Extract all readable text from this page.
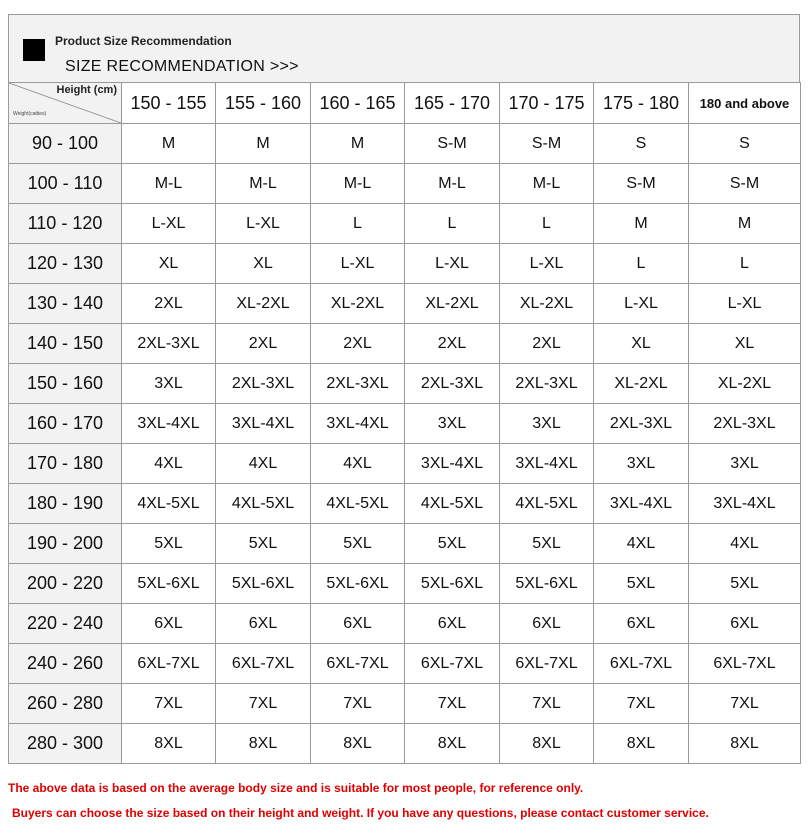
Product Size Recommendation
SIZE RECOMMENDATION >>>
Height (cm)
Weight(catties)	150 - 155	155 - 160	160 - 165	165 - 170	170 - 175	175 - 180	180 and above
90 - 100	M	M	M	S-M	S-M	S	S
100 - 110	M-L	M-L	M-L	M-L	M-L	S-M	S-M
110 - 120	L-XL	L-XL	L	L	L	M	M
120 - 130	XL	XL	L-XL	L-XL	L-XL	L	L
130 - 140	2XL	XL-2XL	XL-2XL	XL-2XL	XL-2XL	L-XL	L-XL
140 - 150	2XL-3XL	2XL	2XL	2XL	2XL	XL	XL
150 - 160	3XL	2XL-3XL	2XL-3XL	2XL-3XL	2XL-3XL	XL-2XL	XL-2XL
160 - 170	3XL-4XL	3XL-4XL	3XL-4XL	3XL	3XL	2XL-3XL	2XL-3XL
170 - 180	4XL	4XL	4XL	3XL-4XL	3XL-4XL	3XL	3XL
180 - 190	4XL-5XL	4XL-5XL	4XL-5XL	4XL-5XL	4XL-5XL	3XL-4XL	3XL-4XL
190 - 200	5XL	5XL	5XL	5XL	5XL	4XL	4XL
200 - 220	5XL-6XL	5XL-6XL	5XL-6XL	5XL-6XL	5XL-6XL	5XL	5XL
220 - 240	6XL	6XL	6XL	6XL	6XL	6XL	6XL
240 - 260	6XL-7XL	6XL-7XL	6XL-7XL	6XL-7XL	6XL-7XL	6XL-7XL	6XL-7XL
260 - 280	7XL	7XL	7XL	7XL	7XL	7XL	7XL
280 - 300	8XL	8XL	8XL	8XL	8XL	8XL	8XL
The above data is based on the average body size and is suitable for most people, for reference only.
Buyers can choose the size based on their height and weight. If you have any questions, please contact customer service.
